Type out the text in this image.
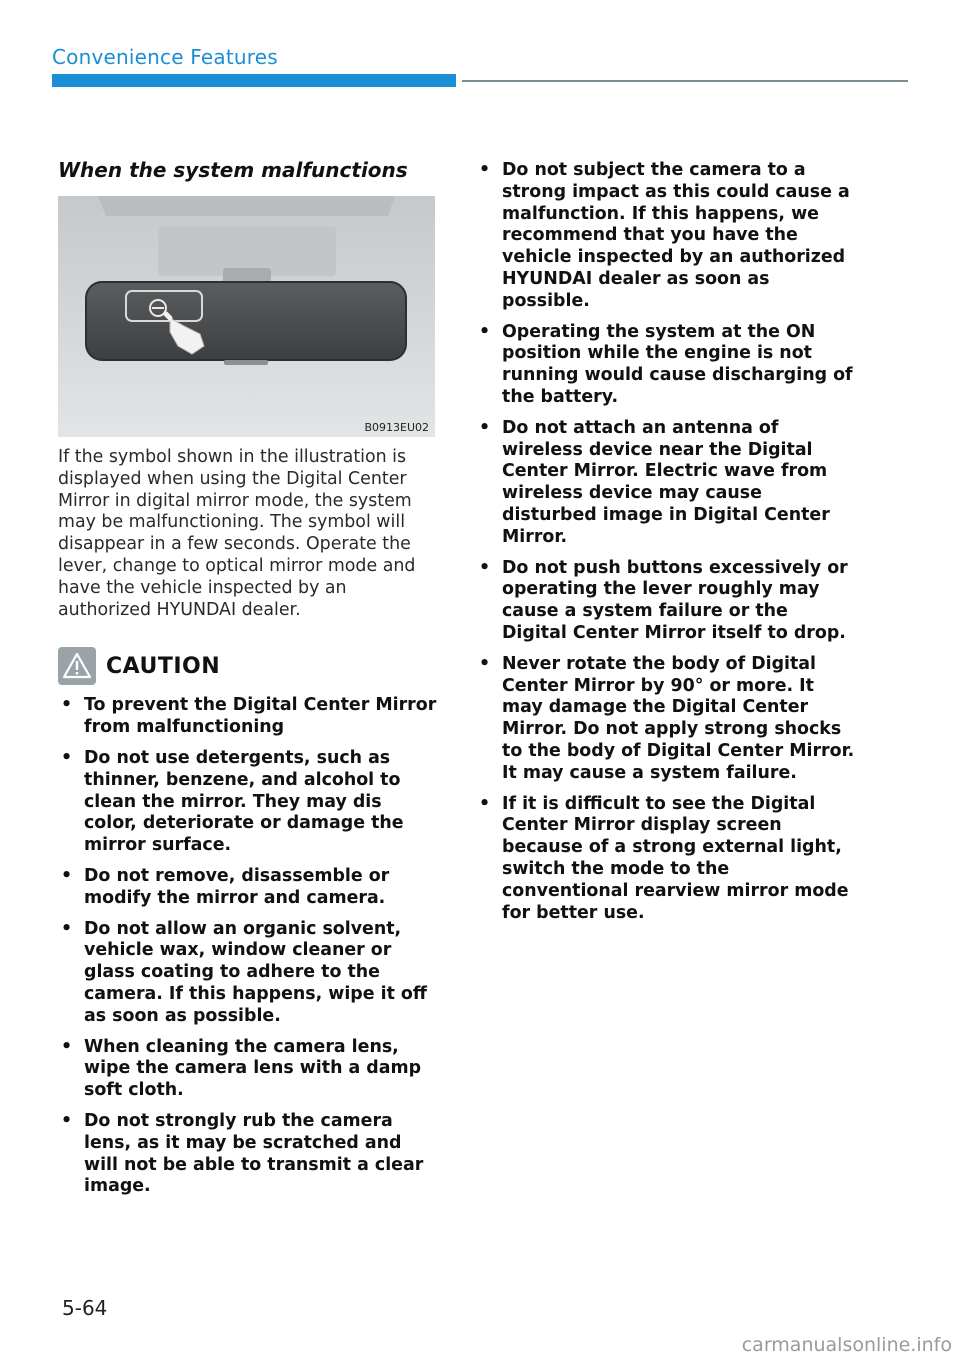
Convenience Features
When the system malfunctions
B0913EU02

If the symbol shown in the illustration is displayed when using the Digital Center Mirror in digital mirror mode, the system may be malfunctioning. The symbol will disappear in a few seconds. Operate the lever, change to optical mirror mode and have the vehicle inspected by an authorized HYUNDAI dealer.

CAUTION
• To prevent the Digital Center Mirror from malfunctioning
• Do not use detergents, such as thinner, benzene, and alcohol to clean the mirror. They may dis color, deteriorate or damage the mirror surface.
• Do not remove, disassemble or modify the mirror and camera.
• Do not allow an organic solvent, vehicle wax, window cleaner or glass coating to adhere to the camera. If this happens, wipe it off as soon as possible.
• When cleaning the camera lens, wipe the camera lens with a damp soft cloth.
• Do not strongly rub the camera lens, as it may be scratched and will not be able to transmit a clear image.
• Do not subject the camera to a strong impact as this could cause a malfunction. If this happens, we recommend that you have the vehicle inspected by an authorized HYUNDAI dealer as soon as possible.
• Operating the system at the ON position while the engine is not running would cause discharging of the battery.
• Do not attach an antenna of wireless device near the Digital Center Mirror. Electric wave from wireless device may cause disturbed image in Digital Center Mirror.
• Do not push buttons excessively or operating the lever roughly may cause a system failure or the Digital Center Mirror itself to drop.
• Never rotate the body of Digital Center Mirror by 90° or more. It may damage the Digital Center Mirror. Do not apply strong shocks to the body of Digital Center Mirror. It may cause a system failure.
• If it is difficult to see the Digital Center Mirror display screen because of a strong external light, switch the mode to the conventional rearview mirror mode for better use.
5-64
carmanualsonline.info
